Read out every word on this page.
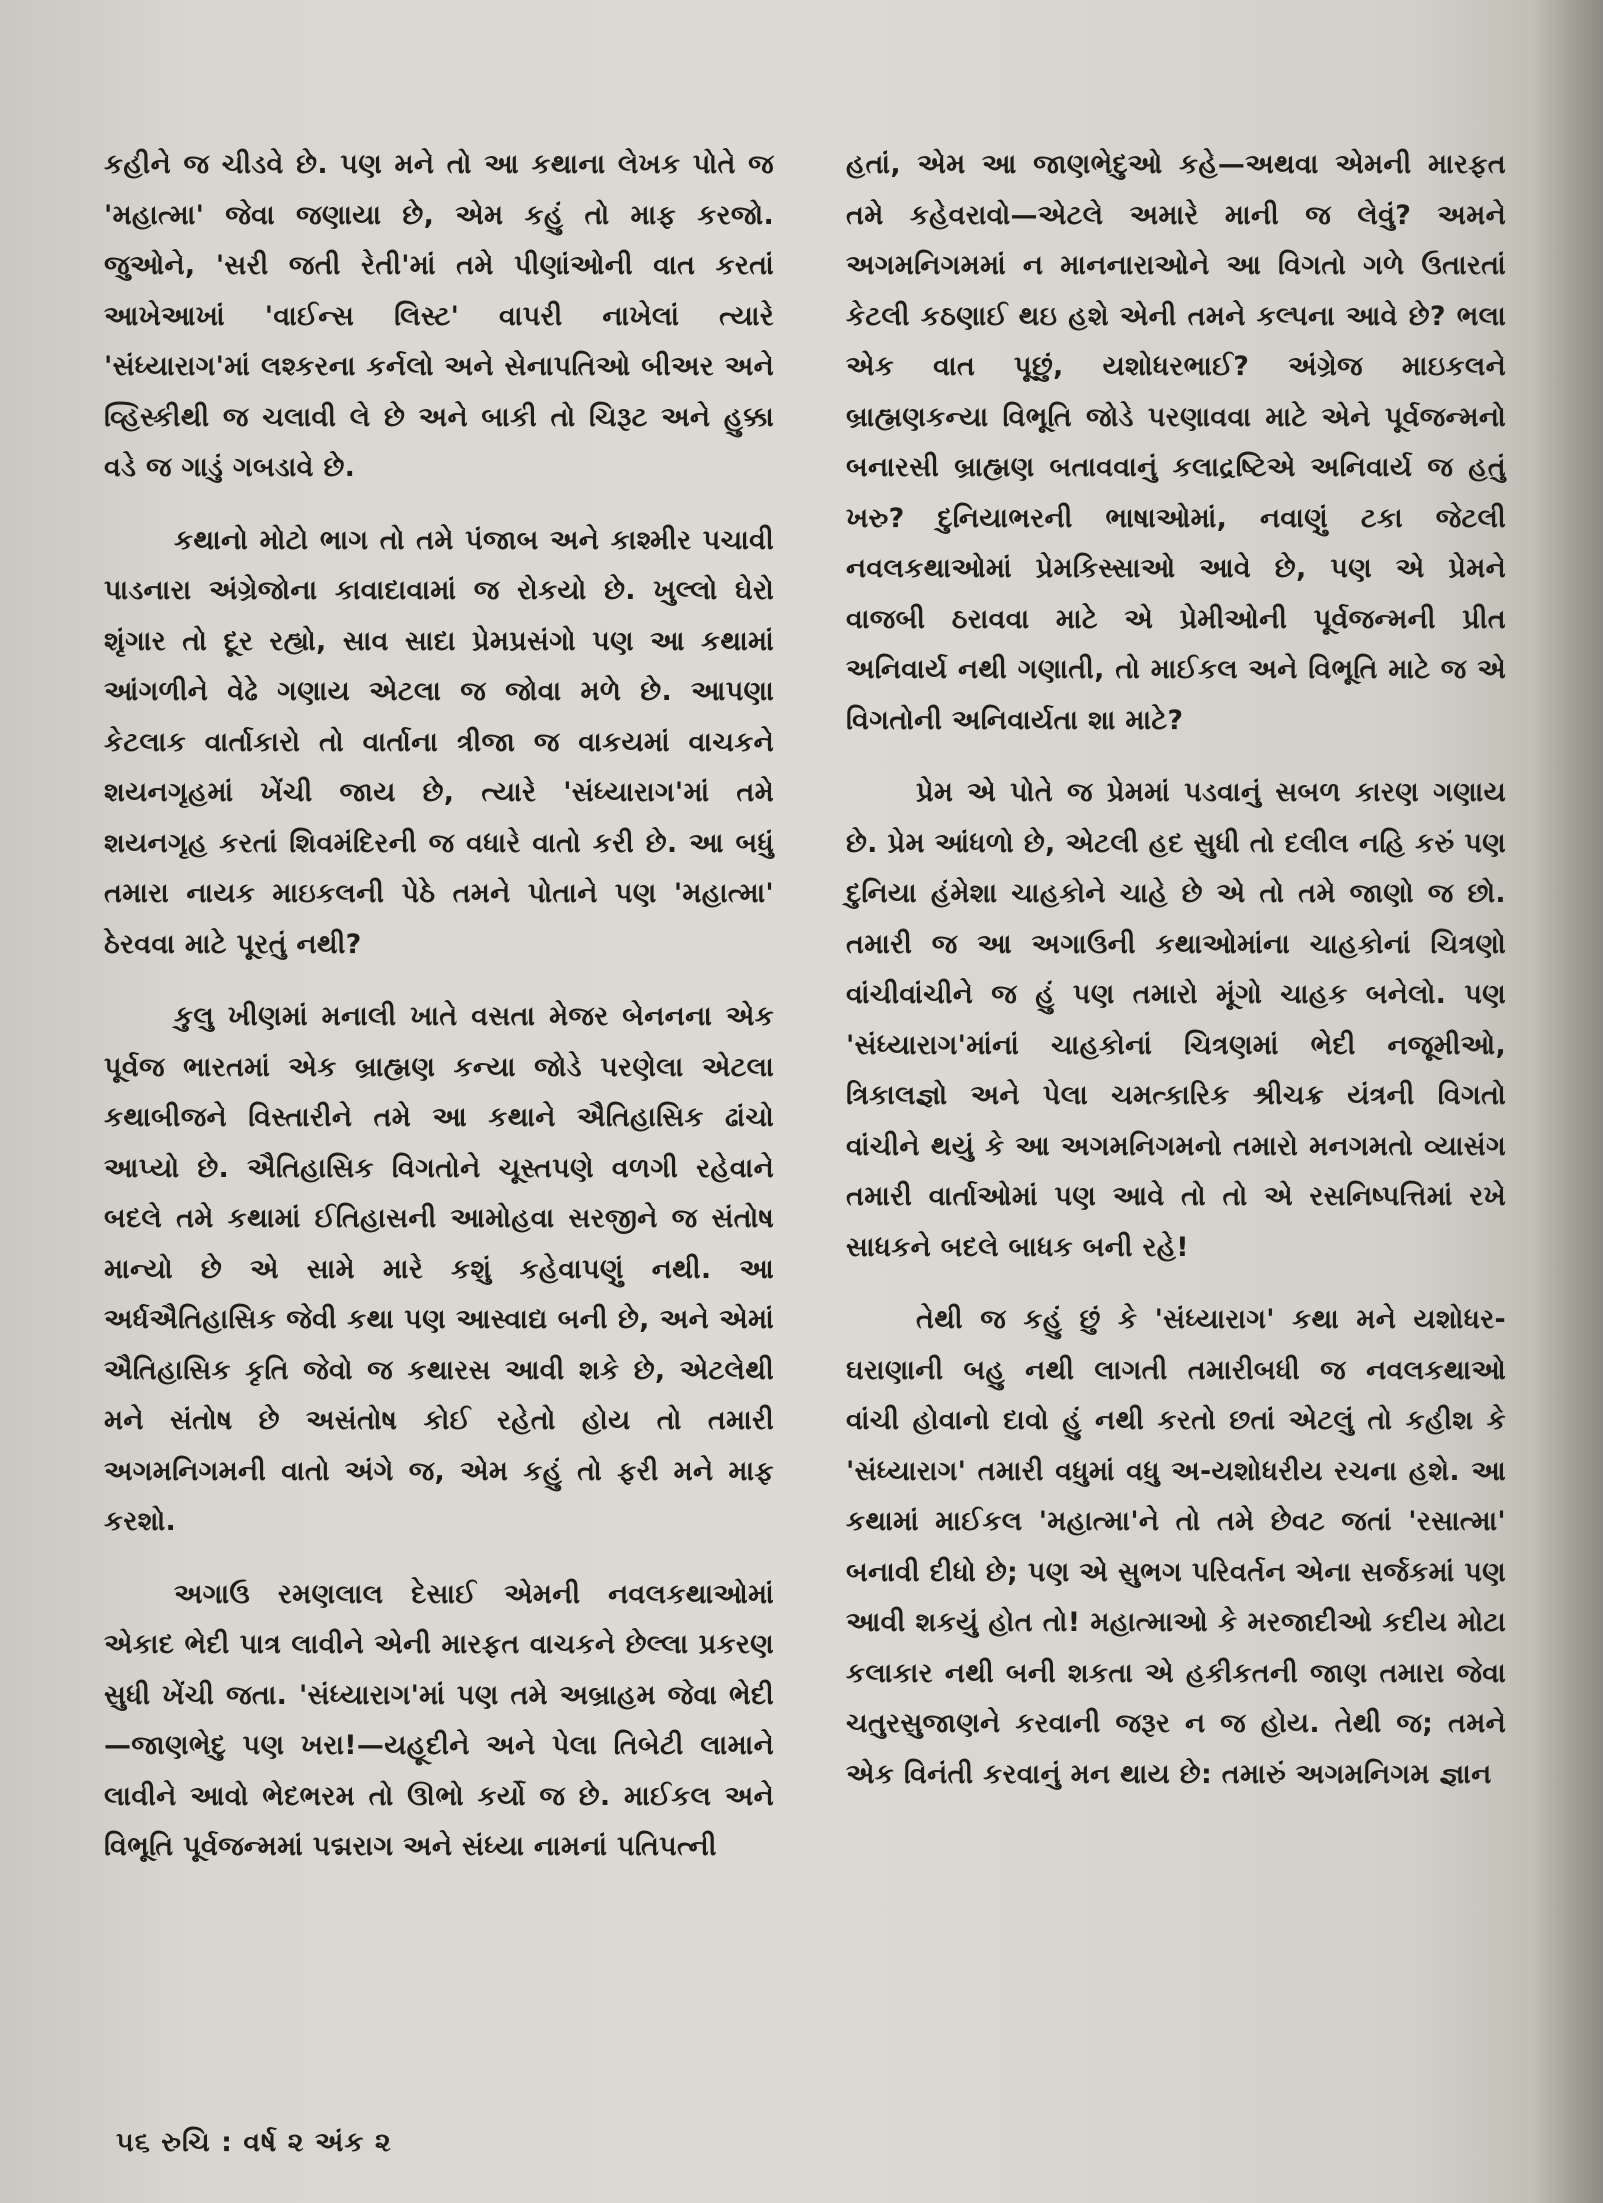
કહીને જ ચીડવે છે. પણ મને તો આ કથાના લેખક પોતે જ 'મહાત્મા' જેવા જણાયા છે, એમ કહું તો માફ કરજો. જુઓને, 'સરી જતી રેતી'માં તમે પીણાંઓની વાત કરતાં આખેઆખાં 'વાઈન્સ લિસ્ટ' વાપરી નાખેલાં ત્યારે 'સંધ્યારાગ'માં લશ્કરના કર્નલો અને સેનાપતિઓ બીઅર અને વ્હિસ્કીથી જ ચલાવી લે છે અને બાકી તો ચિરૂટ અને હુક્કા વડે જ ગાડું ગબડાવે છે.

કથાનો મોટો ભાગ તો તમે પંજાબ અને કાશ્મીર પચાવી પાડનારા અંગ્રેજોના કાવાદાવામાં જ રોકયો છે. ખુલ્લો ઘેરો શૃંગાર તો દૂર રહ્યો, સાવ સાદા પ્રેમપ્રસંગો પણ આ કથામાં આંગળીને વેઢે ગણાય એટલા જ જોવા મળે છે. આપણા કેટલાક વાર્તાકારો તો વાર્તાના ત્રીજા જ વાકયમાં વાચકને શયનગૃહમાં ખેંચી જાય છે, ત્યારે 'સંધ્યારાગ'માં તમે શયનગૃહ કરતાં શિવમંદિરની જ વધારે વાતો કરી છે. આ બધું તમારા નાયક માઇકલની પેઠે તમને પોતાને પણ 'મહાત્મા' ઠેરવવા માટે પૂરતું નથી?

કુલુ ખીણમાં મનાલી ખાતે વસતા મેજર બેનનના એક પૂર્વજ ભારતમાં એક બ્રાહ્મણ કન્યા જોડે પરણેલા એટલા કથાબીજને વિસ્તારીને તમે આ કથાને ઐતિહાસિક ઢાંચો આપ્યો છે. ઐતિહાસિક વિગતોને ચૂસ્તપણે વળગી રહેવાને બદલે તમે કથામાં ઈતિહાસની આમોહવા સરજીને જ સંતોષ માન્યો છે એ સામે મારે કશું કહેવાપણું નથી. આ અર્ધઐતિહાસિક જેવી કથા પણ આસ્વાદ્ય બની છે, અને એમાં ઐતિહાસિક કૃતિ જેવો જ કથારસ આવી શકે છે, એટલેથી મને સંતોષ છે અસંતોષ કોઈ રહેતો હોય તો તમારી અગમનિગમની વાતો અંગે જ, એમ કહું તો ફરી મને માફ કરશો.

અગાઉ રમણલાલ દેસાઈ એમની નવલકથાઓમાં એકાદ ભેદી પાત્ર લાવીને એની મારફત વાચકને છેલ્લા પ્રકરણ સુધી ખેંચી જતા. 'સંધ્યારાગ'માં પણ તમે અબ્રાહમ જેવા ભેદી—જાણભેદુ પણ ખરા!—યહૂદીને અને પેલા તિબેટી લામાને લાવીને આવો ભેદભરમ તો ઊભો કર્યો જ છે. માઈકલ અને વિભૂતિ પૂર્વજન્મમાં પદ્મરાગ અને સંધ્યા નામનાં પતિપત્ની

હતાં, એમ આ જાણભેદુઓ કહે—અથવા એમની મારફત તમે કહેવરાવો—એટલે અમારે માની જ લેવું? અમને અગમનિગમમાં ન માનનારાઓને આ વિગતો ગળે ઉતારતાં કેટલી કઠણાઈ થઇ હશે એની તમને કલ્પના આવે છે? ભલા એક વાત પૂછું, યશોધરભાઈ? અંગ્રેજ માઇકલને બ્રાહ્મણકન્યા વિભૂતિ જોડે પરણાવવા માટે એને પૂર્વજન્મનો બનારસી બ્રાહ્મણ બતાવવાનું કલાદ્રષ્ટિએ અનિવાર્ય જ હતું ખરુ? દુનિયાભરની ભાષાઓમાં, નવાણું ટકા જેટલી નવલકથાઓમાં પ્રેમકિસ્સાઓ આવે છે, પણ એ પ્રેમને વાજબી ઠરાવવા માટે એ પ્રેમીઓની પૂર્વજન્મની પ્રીત અનિવાર્ય નથી ગણાતી, તો માઈકલ અને વિભૂતિ માટે જ એ વિગતોની અનિવાર્યતા શા માટે?

પ્રેમ એ પોતે જ પ્રેમમાં પડવાનું સબળ કારણ ગણાય છે. પ્રેમ આંધળો છે, એટલી હદ સુધી તો દલીલ નહિ કરું પણ દુનિયા હંમેશા ચાહકોને ચાહે છે એ તો તમે જાણો જ છો. તમારી જ આ અગાઉની કથાઓમાંના ચાહકોનાં ચિત્રણો વાંચીવાંચીને જ હું પણ તમારો મૂંગો ચાહક બનેલો. પણ 'સંધ્યારાગ'માંનાં ચાહકોનાં ચિત્રણમાં ભેદી નજૂમીઓ, ત્રિકાલજ્ઞો અને પેલા ચમત્કારિક શ્રીચક્ર યંત્રની વિગતો વાંચીને થયું કે આ અગમનિગમનો તમારો મનગમતો વ્યાસંગ તમારી વાર્તાઓમાં પણ આવે તો તો એ રસનિષ્પત્તિમાં રખે સાધકને બદલે બાધક બની રહે!

તેથી જ કહું છું કે 'સંધ્યારાગ' કથા મને યશોધર-ઘરાણાની બહુ નથી લાગતી તમારીબધી જ નવલકથાઓ વાંચી હોવાનો દાવો હું નથી કરતો છતાં એટલું તો કહીશ કે 'સંધ્યારાગ' તમારી વધુમાં વધુ અ-યશોધરીય રચના હશે. આ કથામાં માઈકલ 'મહાત્મા'ને તો તમે છેવટ જતાં 'રસાત્મા' બનાવી દીધો છે; પણ એ સુભગ પરિવર્તન એના સર્જકમાં પણ આવી શકયું હોત તો! મહાત્માઓ કે મરજાદીઓ કદીય મોટા કલાકાર નથી બની શકતા એ હકીકતની જાણ તમારા જેવા ચતુરસુજાણને કરવાની જરૂર ન જ હોય. તેથી જ; તમને એક વિનંતી કરવાનું મન થાય છે: તમારું અગમનિગમ જ્ઞાન

૫૬ રુચિ : વર્ષ ૨ અંક ૨
